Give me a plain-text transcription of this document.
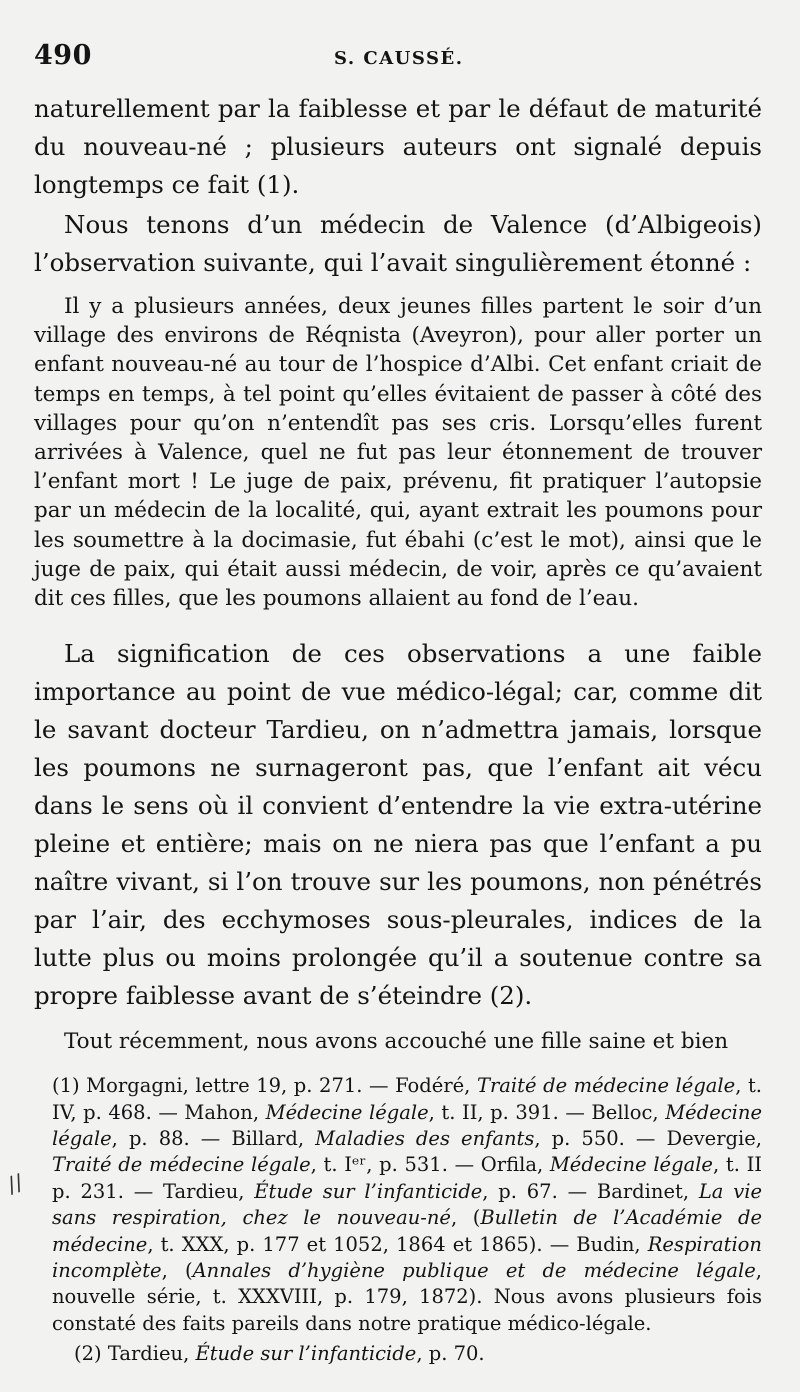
490	S. CAUSSÉ.

naturellement par la faiblesse et par le défaut de maturité du nouveau-né ; plusieurs auteurs ont signalé depuis longtemps ce fait (1).

Nous tenons d’un médecin de Valence (d’Albigeois) l’observation suivante, qui l’avait singulièrement étonné :

Il y a plusieurs années, deux jeunes filles partent le soir d’un village des environs de Réqnista (Aveyron), pour aller porter un enfant nouveau-né au tour de l’hospice d’Albi. Cet enfant criait de temps en temps, à tel point qu’elles évitaient de passer à côté des villages pour qu’on n’entendît pas ses cris. Lorsqu’elles furent arrivées à Valence, quel ne fut pas leur étonnement de trouver l’enfant mort ! Le juge de paix, prévenu, fit pratiquer l’autopsie par un médecin de la localité, qui, ayant extrait les poumons pour les soumettre à la docimasie, fut ébahi (c’est le mot), ainsi que le juge de paix, qui était aussi médecin, de voir, après ce qu’avaient dit ces filles, que les poumons allaient au fond de l’eau.

La signification de ces observations a une faible importance au point de vue médico-légal; car, comme dit le savant docteur Tardieu, on n’admettra jamais, lorsque les poumons ne surnageront pas, que l’enfant ait vécu dans le sens où il convient d’entendre la vie extra-utérine pleine et entière; mais on ne niera pas que l’enfant a pu naître vivant, si l’on trouve sur les poumons, non pénétrés par l’air, des ecchymoses sous-pleurales, indices de la lutte plus ou moins prolongée qu’il a soutenue contre sa propre faiblesse avant de s’éteindre (2).

Tout récemment, nous avons accouché une fille saine et bien

(1) Morgagni, lettre 19, p. 271. — Fodéré, Traité de médecine légale, t. IV, p. 468. — Mahon, Médecine légale, t. II, p. 391. — Belloc, Médecine légale, p. 88. — Billard, Maladies des enfants, p. 550. — Devergie, Traité de médecine légale, t. Iᵉʳ, p. 531. — Orfila, Médecine légale, t. II p. 231. — Tardieu, Étude sur l’infanticide, p. 67. — Bardinet, La vie sans respiration, chez le nouveau-né, (Bulletin de l’Académie de médecine, t. XXX, p. 177 et 1052, 1864 et 1865). — Budin, Respiration incomplète, (Annales d’hygiène publique et de médecine légale, nouvelle série, t. XXXVIII, p. 179, 1872). Nous avons plusieurs fois constaté des faits pareils dans notre pratique médico-légale.

(2) Tardieu, Étude sur l’infanticide, p. 70.

//
